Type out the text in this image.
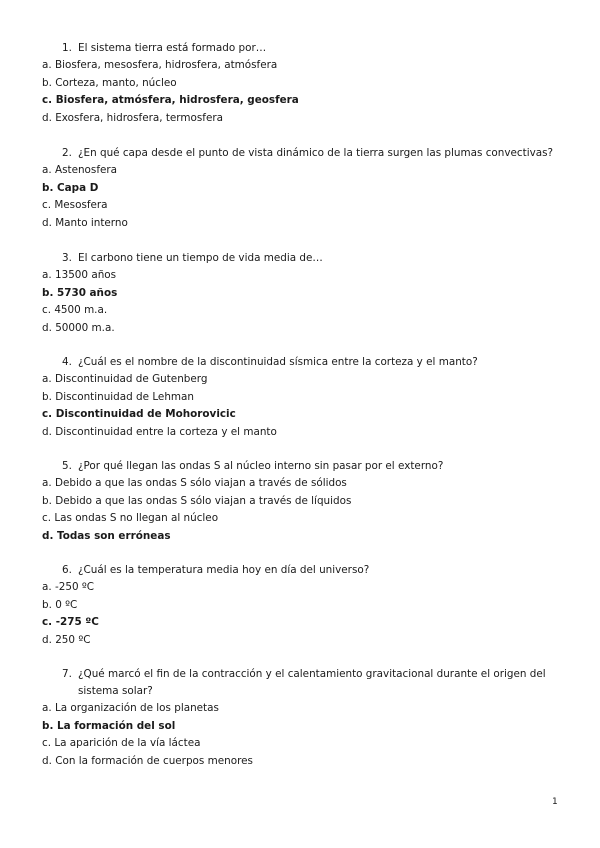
1. El sistema tierra está formado por…
a. Biosfera, mesosfera, hidrosfera, atmósfera
b. Corteza, manto, núcleo
c. Biosfera, atmósfera, hidrosfera, geosfera
d. Exosfera, hidrosfera, termosfera
2. ¿En qué capa desde el punto de vista dinámico de la tierra surgen las plumas convectivas?
a. Astenosfera
b. Capa D
c. Mesosfera
d. Manto interno
3. El carbono tiene un tiempo de vida media de…
a. 13500 años
b. 5730 años
c. 4500 m.a.
d. 50000 m.a.
4. ¿Cuál es el nombre de la discontinuidad sísmica entre la corteza y el manto?
a. Discontinuidad de Gutenberg
b. Discontinuidad de Lehman
c. Discontinuidad de Mohorovicic
d. Discontinuidad entre la corteza y el manto
5. ¿Por qué llegan las ondas S al núcleo interno sin pasar por el externo?
a. Debido a que las ondas S sólo viajan a través de sólidos
b. Debido a que las ondas S sólo viajan a través de líquidos
c. Las ondas S no llegan al núcleo
d. Todas son erróneas
6. ¿Cuál es la temperatura media hoy en día del universo?
a. -250 ºC
b. 0 ºC
c. -275 ºC
d. 250 ºC
7. ¿Qué marcó el fin de la contracción y el calentamiento gravitacional durante el origen del sistema solar?
a. La organización de los planetas
b. La formación del sol
c. La aparición de la vía láctea
d. Con la formación de cuerpos menores
1
